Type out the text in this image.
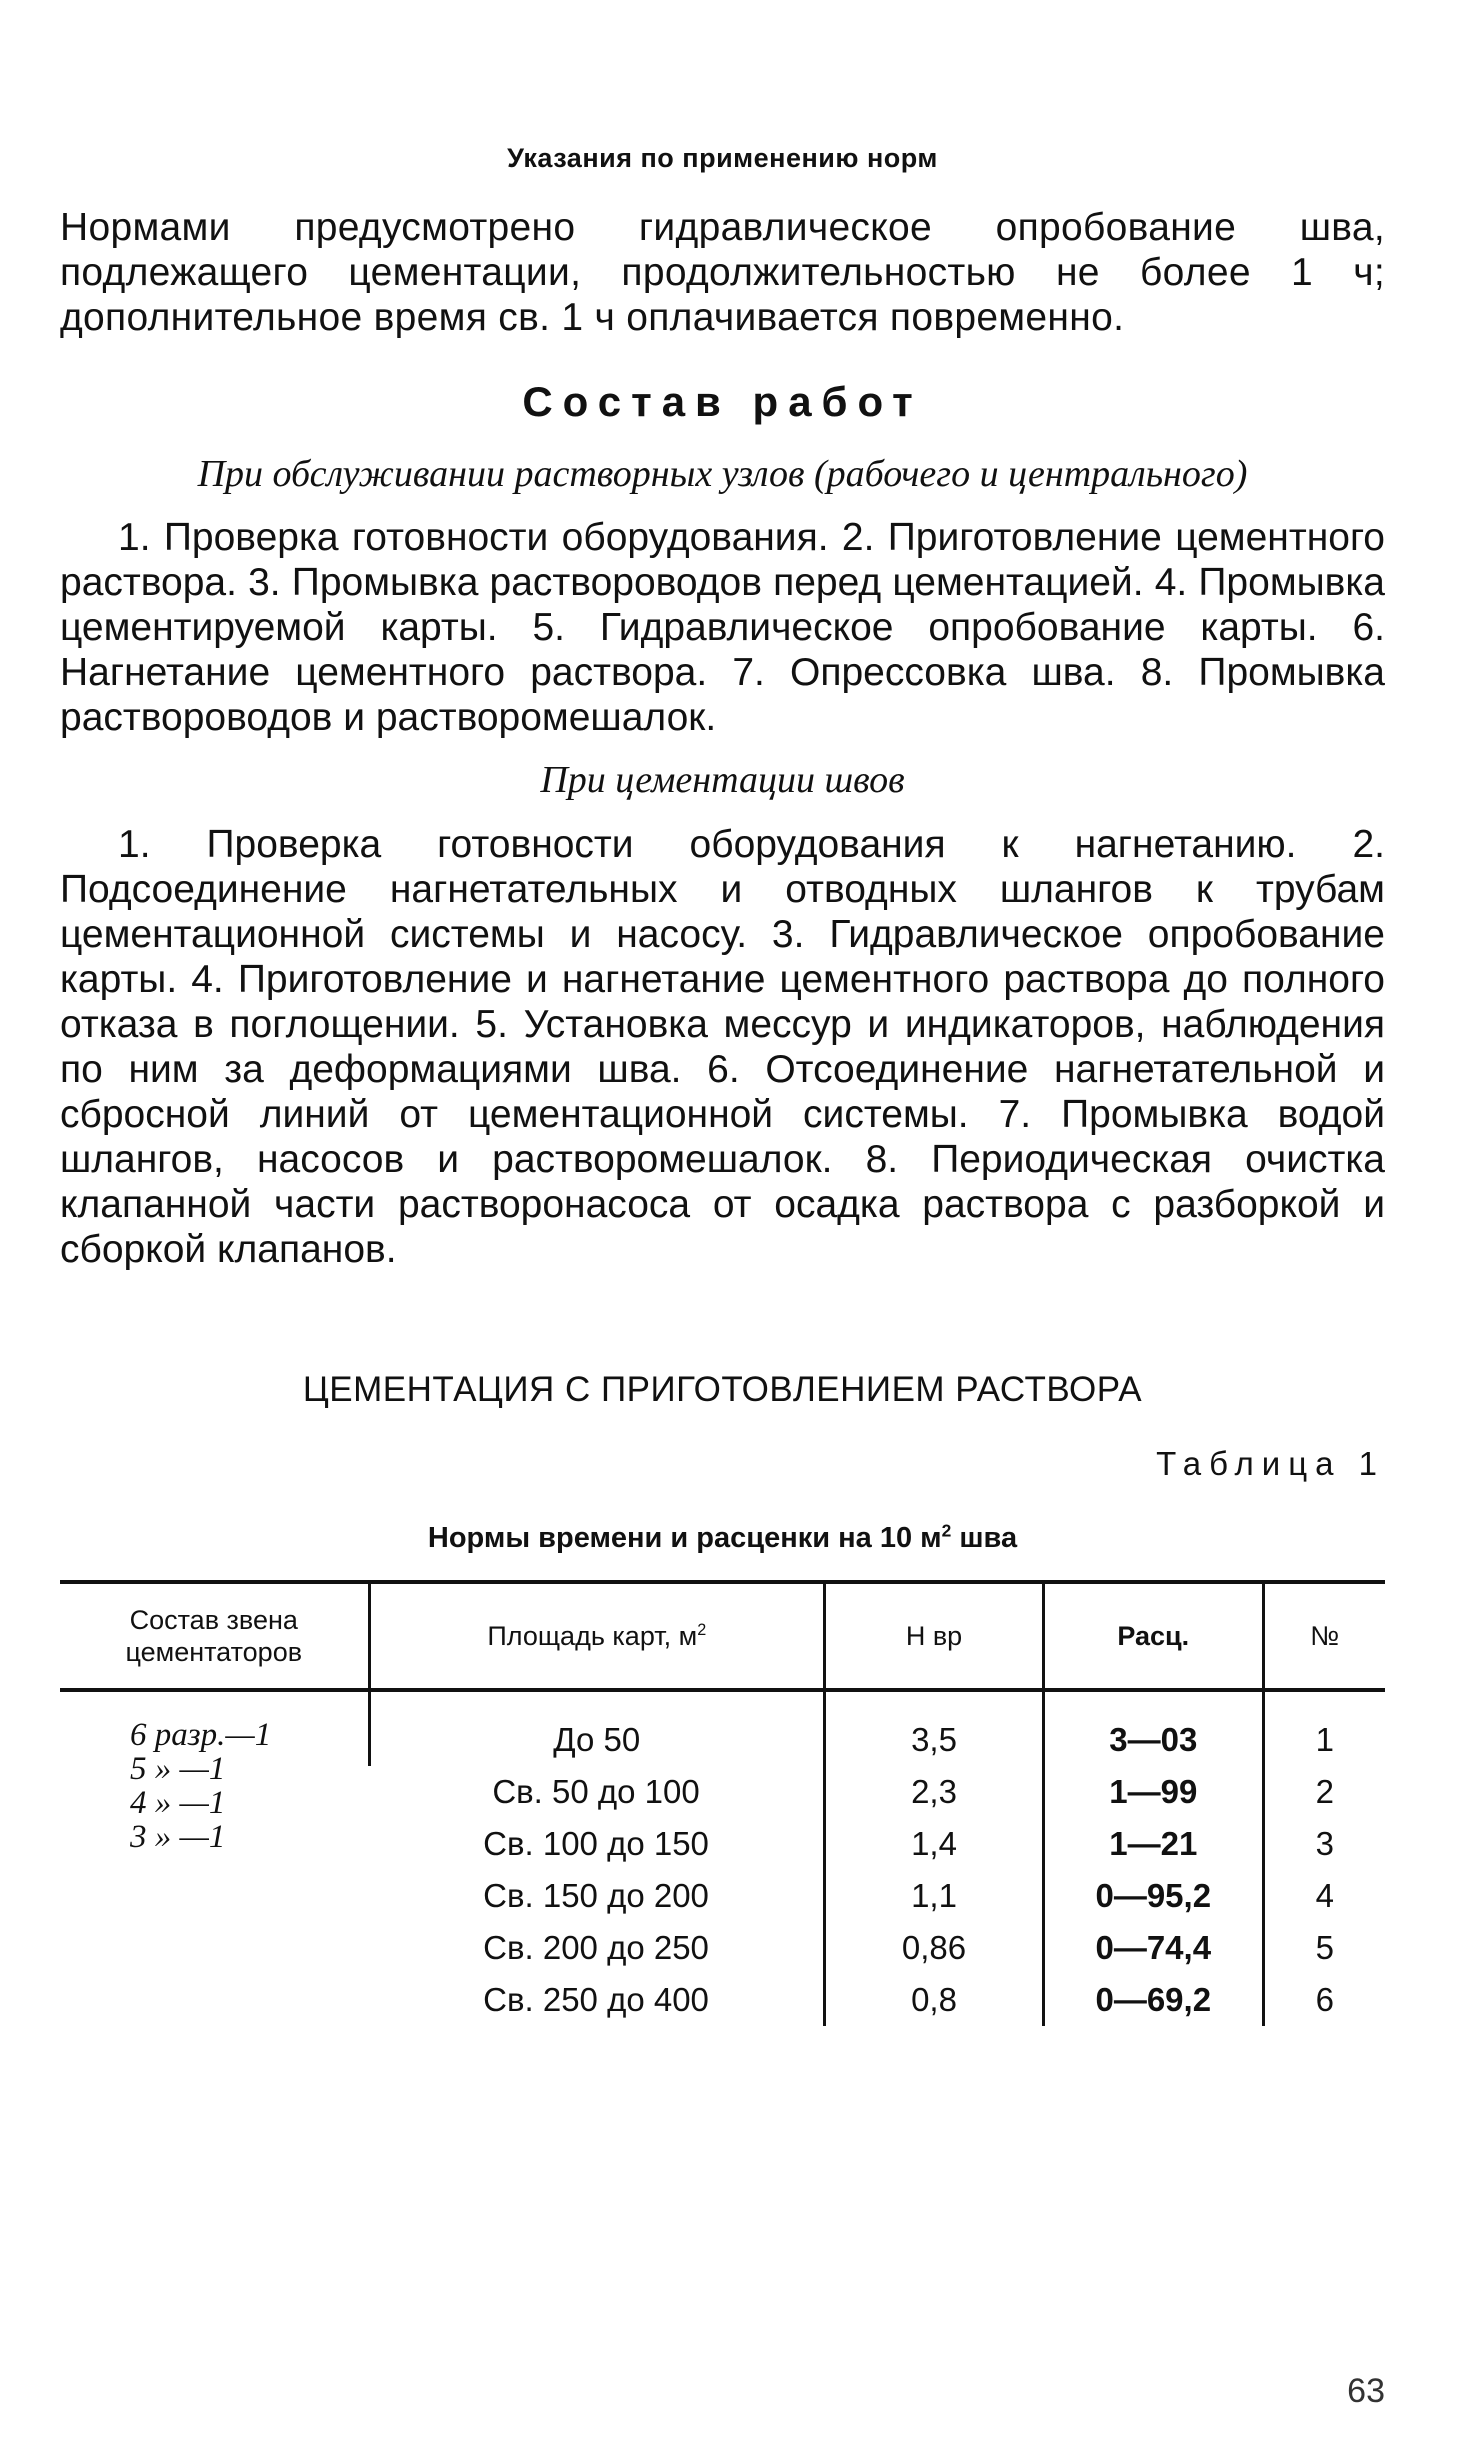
Указания по применению норм
Нормами предусмотрено гидравлическое опробование шва, подлежащего цементации, продолжительностью не более 1 ч; дополнительное время св. 1 ч оплачивается повременно.
Состав работ
При обслуживании растворных узлов (рабочего и центрального)
1. Проверка готовности оборудования. 2. Приготовление цементного раствора. 3. Промывка растворoводов перед цементацией. 4. Промывка цементируемой карты. 5. Гидравлическое опробование карты. 6. Нагнетание цементного раствора. 7. Опрессовка шва. 8. Промывка растворoводов и растворомешалок.
При цементации швов
1. Проверка готовности оборудования к нагнетанию. 2. Подсоединение нагнетательных и отводных шлангов к трубам цементационной системы и насосу. 3. Гидравлическое опробование карты. 4. Приготовление и нагнетание цементного раствора до полного отказа в поглощении. 5. Установка мессур и индикаторов, наблюдения по ним за деформациями шва. 6. Отсоединение нагнетательной и сбросной линий от цементационной системы. 7. Промывка водой шлангов, насосов и растворомешалок. 8. Периодическая очистка клапанной части растворонасоса от осадка раствора с разборкой и сборкой клапанов.
ЦЕМЕНТАЦИЯ С ПРИГОТОВЛЕНИЕМ РАСТВОРА
Таблица 1
Нормы времени и расценки на 10 $м^2$ шва
Состав звена
цементаторов	Площадь карт, $м^2$	Н вр	Расц.	№

6 разр.—1
5 » —1
4 » —1
3 » —1	До 50	3,5	3—03	1
	Св. 50 до 100	2,3	1—99	2
	Св. 100 до 150	1,4	1—21	3
	Св. 150 до 200	1,1	0—95,2	4
	Св. 200 до 250	0,86	0—74,4	5
	Св. 250 до 400	0,8	0—69,2	6
63
